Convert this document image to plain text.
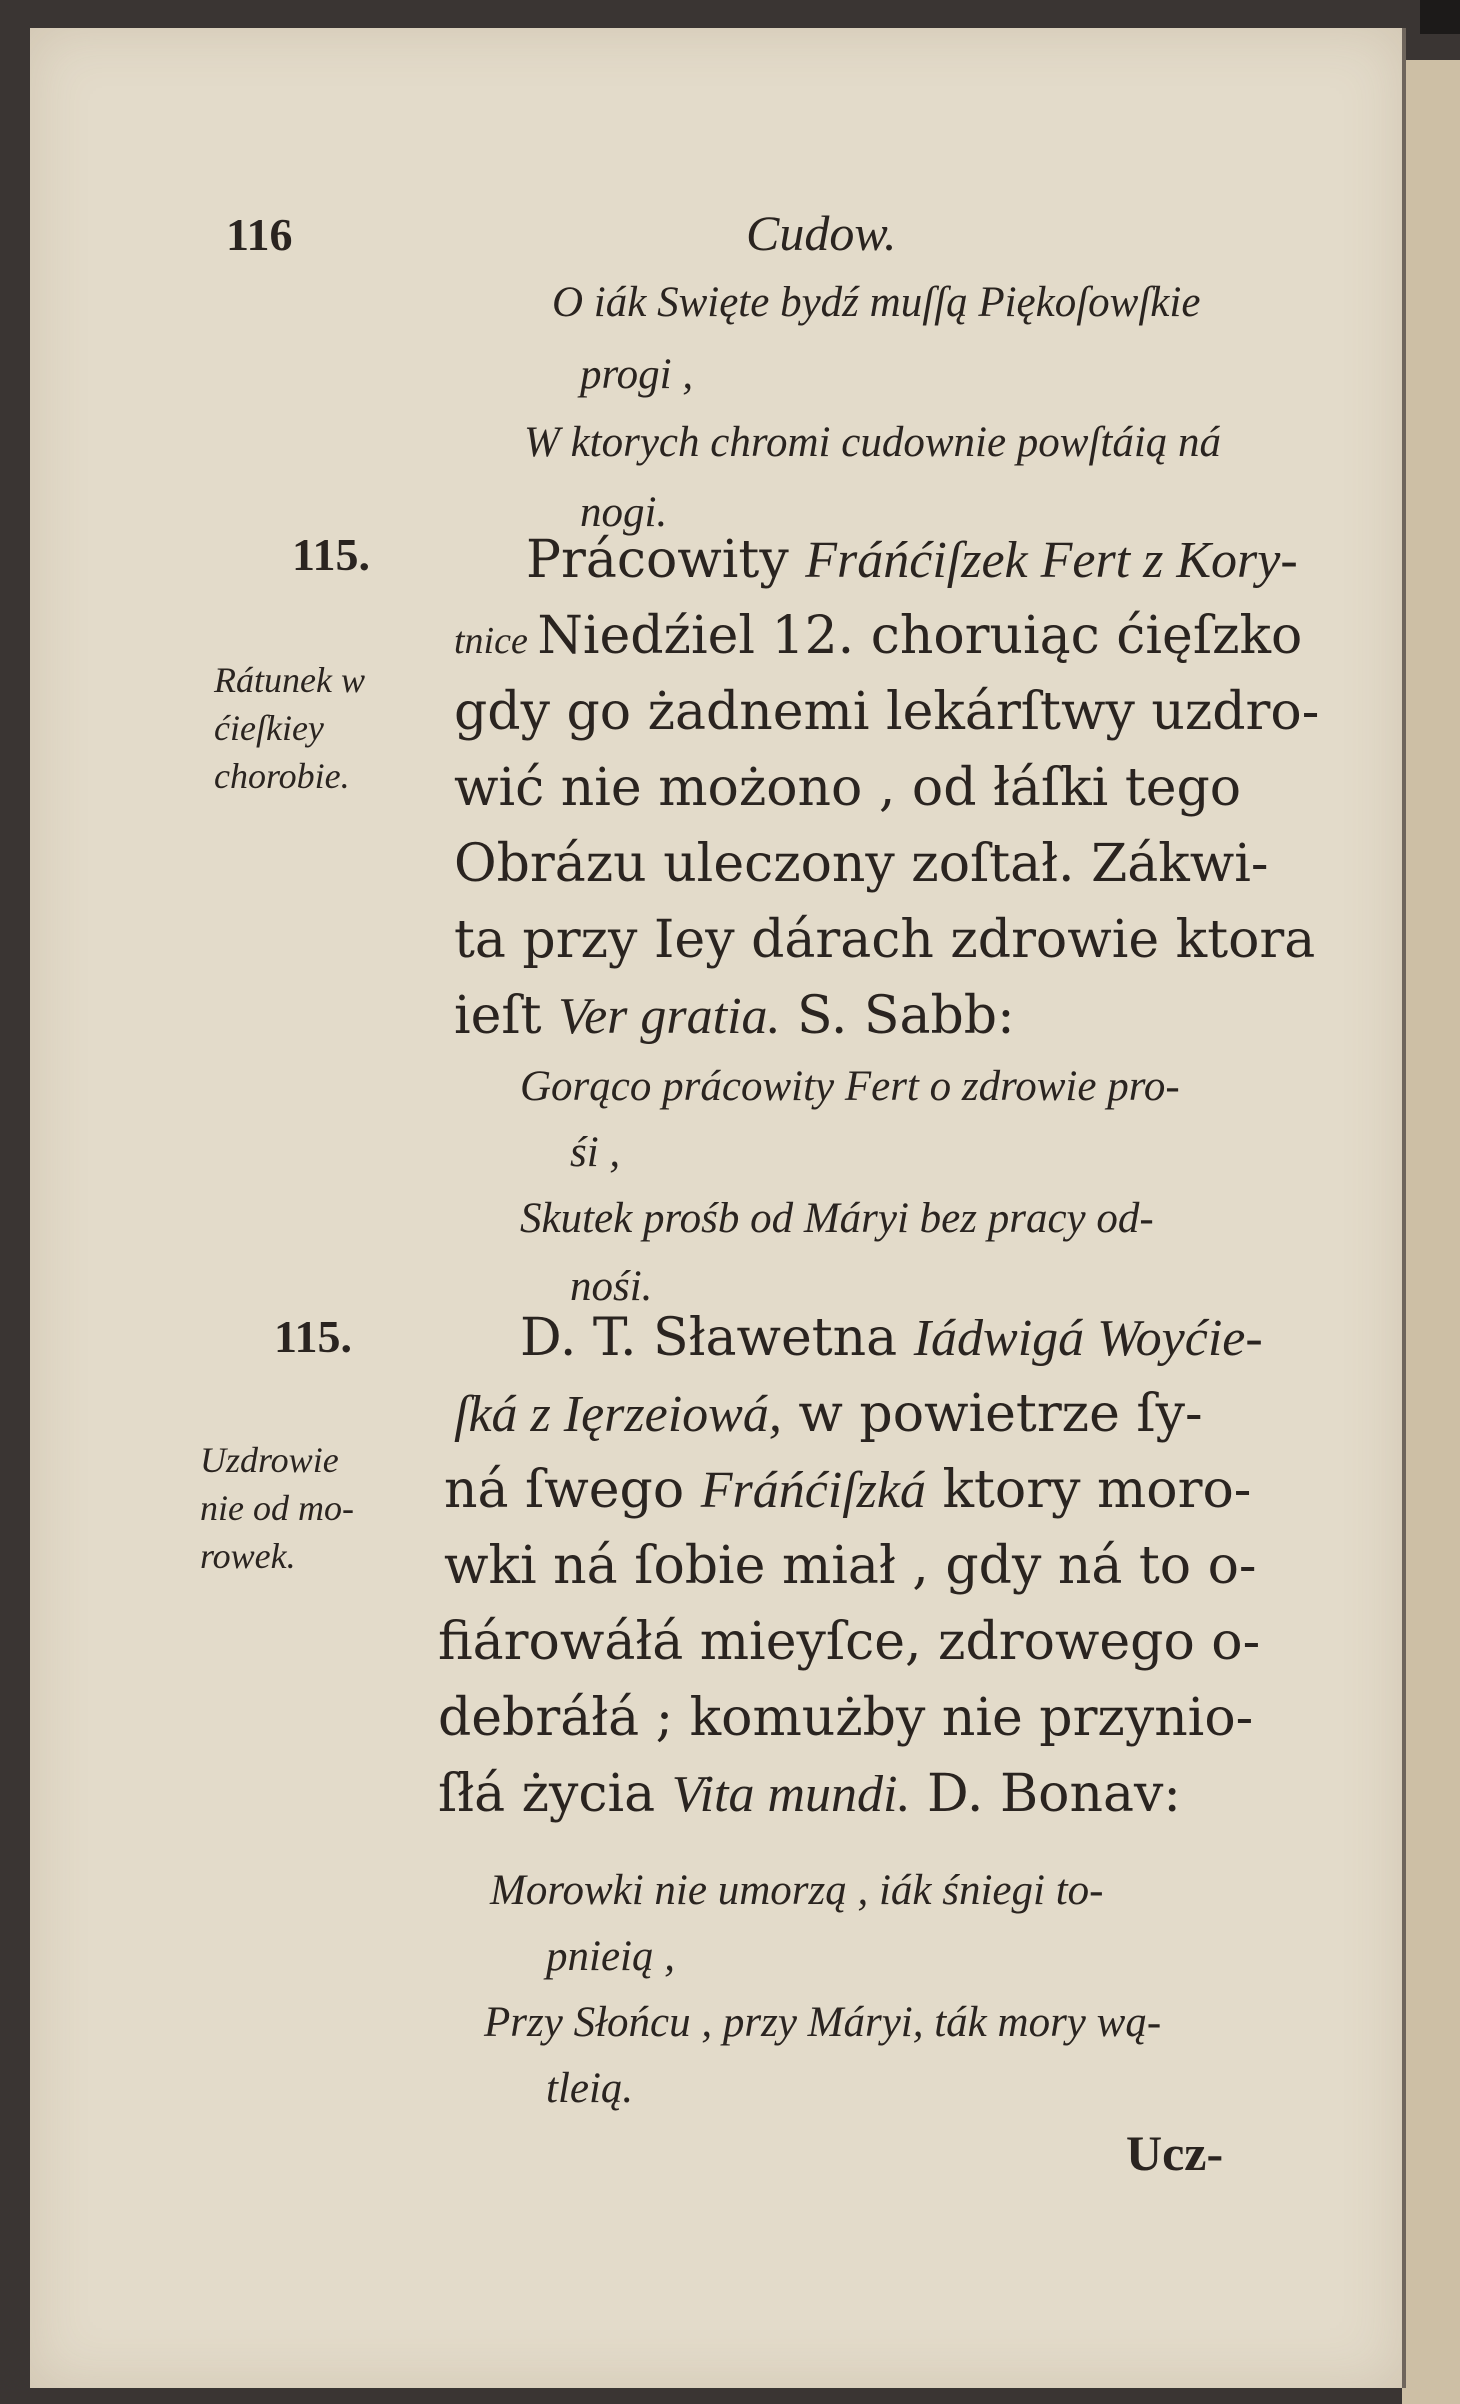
116	Cudow.
O iák Swięte bydź muſſą Piękoſowſkie
progi ,
W ktorych chromi cudownie powſtáią ná
nogi.
115.
Rátunek w
ćieſkiey
chorobie.

Prácowity Fráńćiſzek Fert z Kory-

tnice Niedźiel 12. choruiąc ćięſzko

gdy go żadnemi lekárſtwy uzdro-

wić nie możono , od łáſki tego

Obrázu uleczony zoſtał. Zákwi-

ta przy Iey dárach zdrowie ktora

ieſt Ver gratia. S. Sabb:

Gorąco prácowity Fert o zdrowie pro-
śi ,
Skutek prośb od Máryi bez pracy od-
nośi.
115.
Uzdrowie
nie od mo-
rowek.

D. T. Sławetna Iádwigá Woyćie-

ſká z Ięrzeiowá, w powietrze ſy-

ná ſwego Fráńćiſzká ktory moro-

wki ná ſobie miał , gdy ná to o-

fiárowáłá mieyſce, zdrowego o-

debráłá ; komużby nie przynio-

ſłá życia Vita mundi. D. Bonav:

Morowki nie umorzą , iák śniegi to-
pnieią ,
Przy Słońcu , przy Máryi, ták mory wą-
tleią.
Ucz-
